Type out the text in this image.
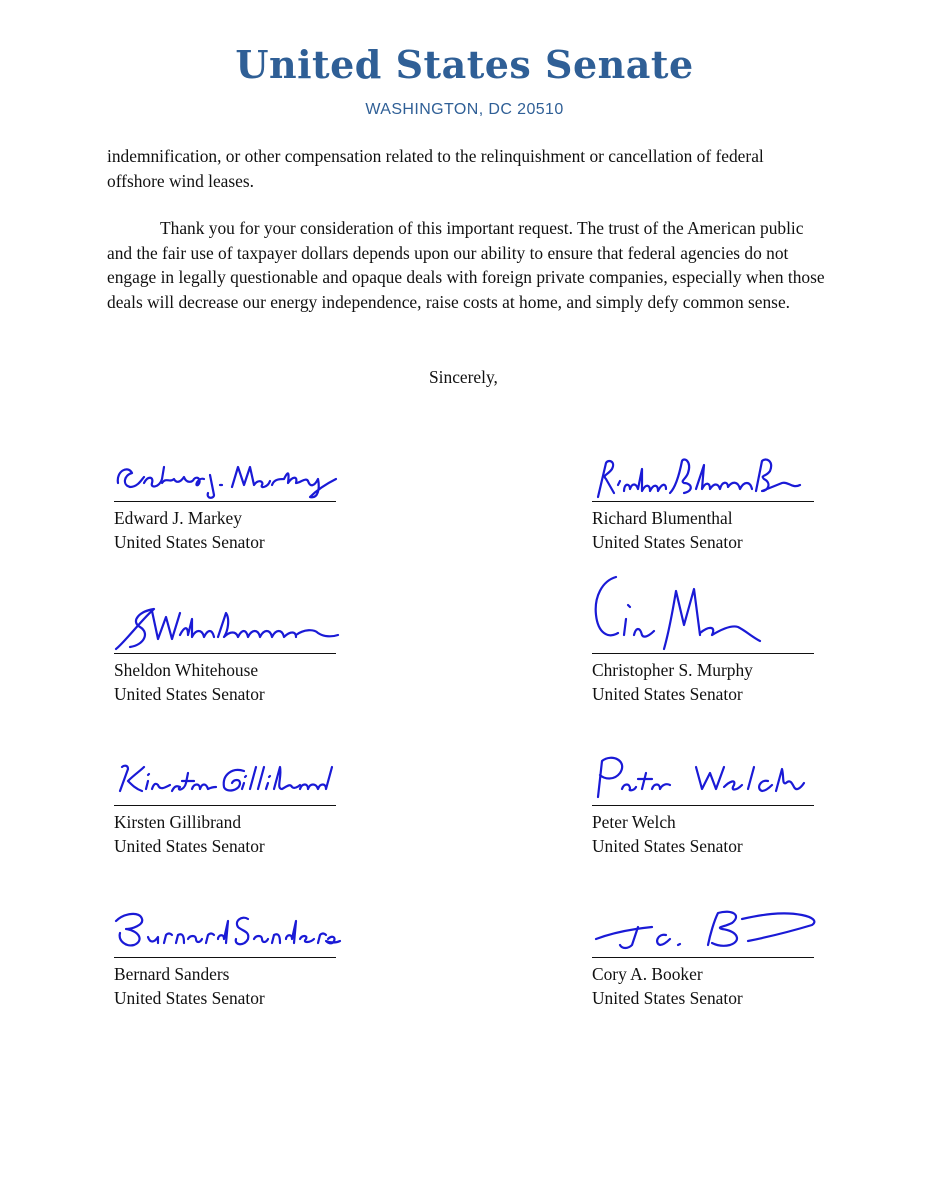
United States Senate
WASHINGTON, DC 20510
indemnification, or other compensation related to the relinquishment or cancellation of federal offshore wind leases.
Thank you for your consideration of this important request. The trust of the American public and the fair use of taxpayer dollars depends upon our ability to ensure that federal agencies do not engage in legally questionable and opaque deals with foreign private companies, especially when those deals will decrease our energy independence, raise costs at home, and simply defy common sense.
Sincerely,
Edward J. Markey
United States Senator
Richard Blumenthal
United States Senator
Sheldon Whitehouse
United States Senator
Christopher S. Murphy
United States Senator
Kirsten Gillibrand
United States Senator
Peter Welch
United States Senator
Bernard Sanders
United States Senator
Cory A. Booker
United States Senator
